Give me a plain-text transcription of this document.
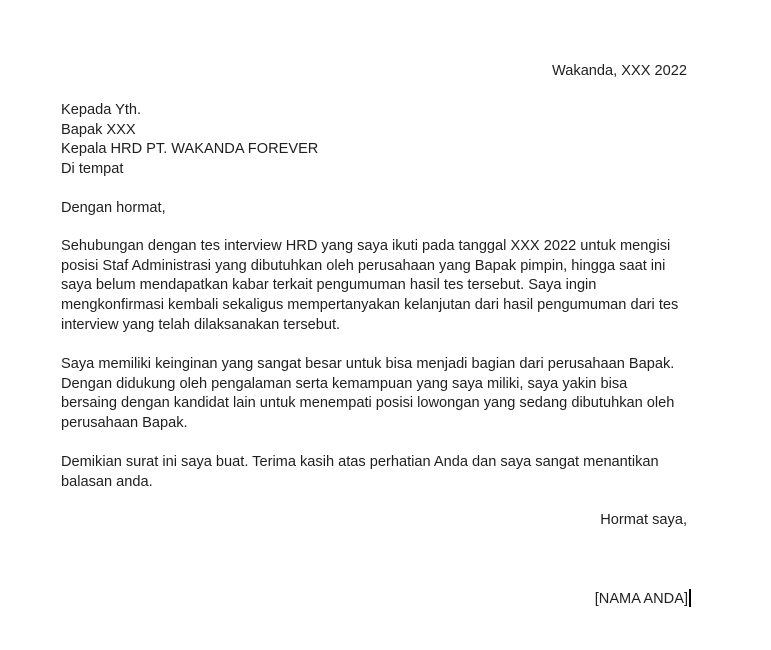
Wakanda, XXX 2022
Kepada Yth.
Bapak XXX
Kepala HRD PT. WAKANDA FOREVER
Di tempat
Dengan hormat,
Sehubungan dengan tes interview HRD yang saya ikuti pada tanggal XXX 2022 untuk mengisi
posisi Staf Administrasi yang dibutuhkan oleh perusahaan yang Bapak pimpin, hingga saat ini
saya belum mendapatkan kabar terkait pengumuman hasil tes tersebut. Saya ingin
mengkonfirmasi kembali sekaligus mempertanyakan kelanjutan dari hasil pengumuman dari tes
interview yang telah dilaksanakan tersebut.
Saya memiliki keinginan yang sangat besar untuk bisa menjadi bagian dari perusahaan Bapak.
Dengan didukung oleh pengalaman serta kemampuan yang saya miliki, saya yakin bisa
bersaing dengan kandidat lain untuk menempati posisi lowongan yang sedang dibutuhkan oleh
perusahaan Bapak.
Demikian surat ini saya buat. Terima kasih atas perhatian Anda dan saya sangat menantikan
balasan anda.
Hormat saya,
[NAMA ANDA]
